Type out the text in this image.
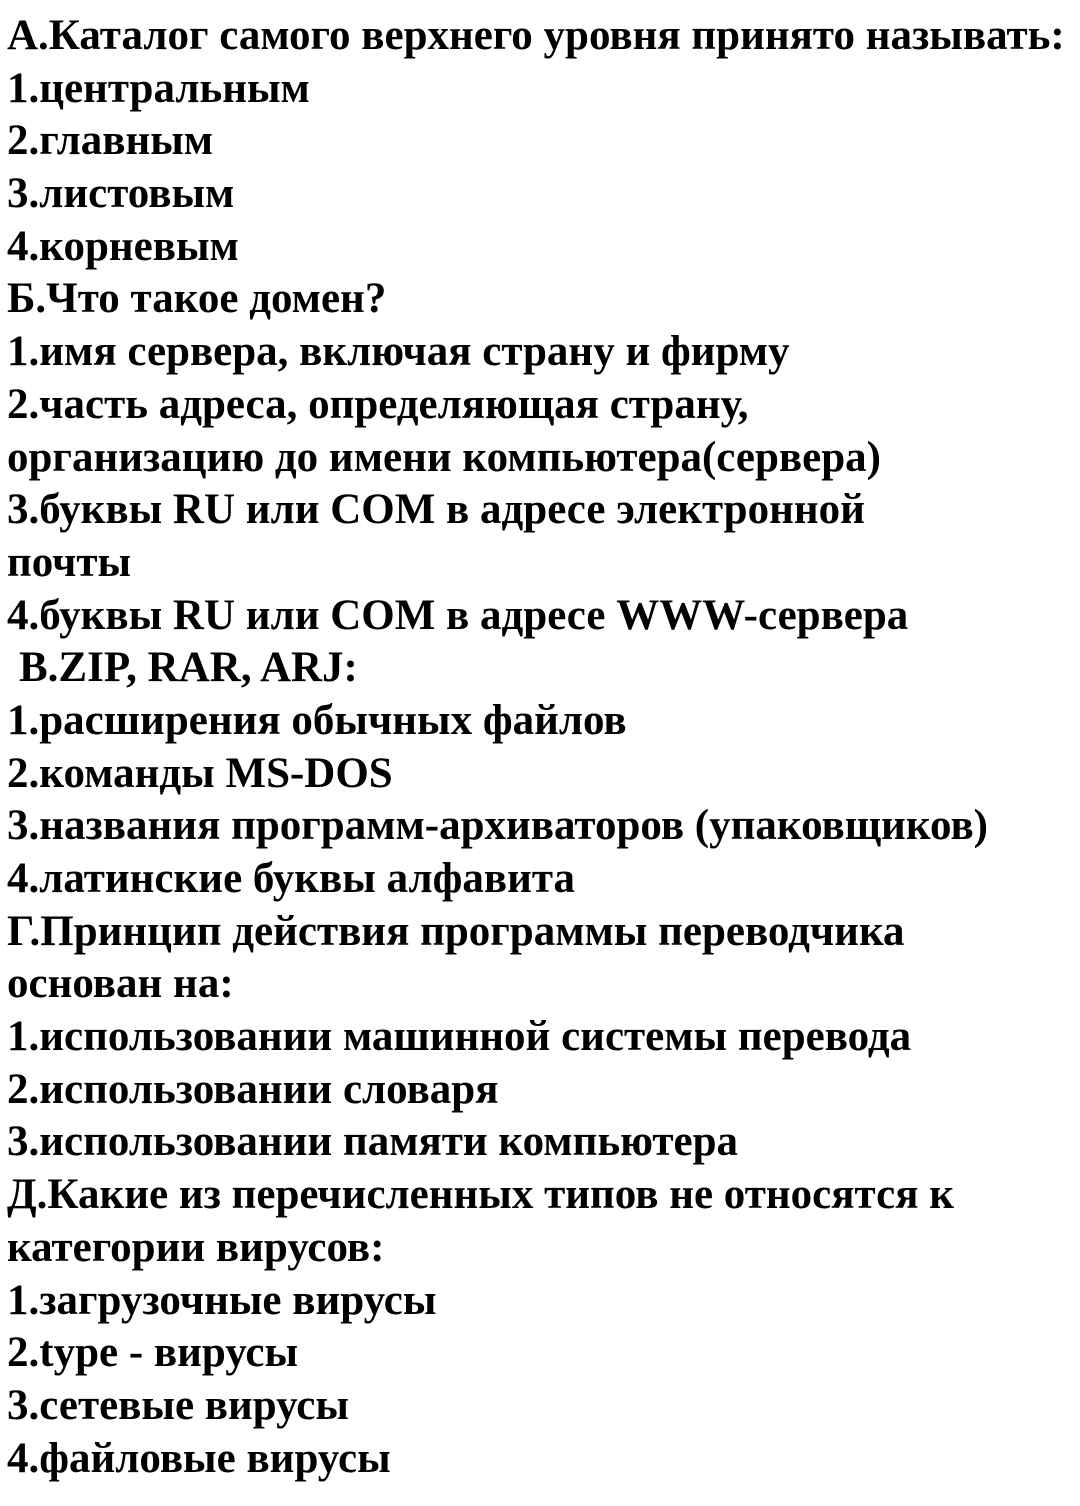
А.Каталог самого верхнего уровня принято называть:
1.центральным
2.главным
3.листовым
4.корневым
Б.Что такое домен?
1.имя сервера, включая страну и фирму
2.часть адреса, определяющая страну,
организацию до имени компьютера(сервера)
3.буквы RU или COM в адресе электронной
почты
4.буквы RU или COM в адресе WWW-сервера
В.ZIP, RAR, ARJ:
1.расширения обычных файлов
2.команды MS-DOS
3.названия программ-архиваторов (упаковщиков)
4.латинские буквы алфавита
Г.Принцип действия программы переводчика
основан на:
1.использовании машинной системы перевода
2.использовании словаря
3.использовании памяти компьютера
Д.Какие из перечисленных типов не относятся к
категории вирусов:
1.загрузочные вирусы
2.type - вирусы
3.сетевые вирусы
4.файловые вирусы
